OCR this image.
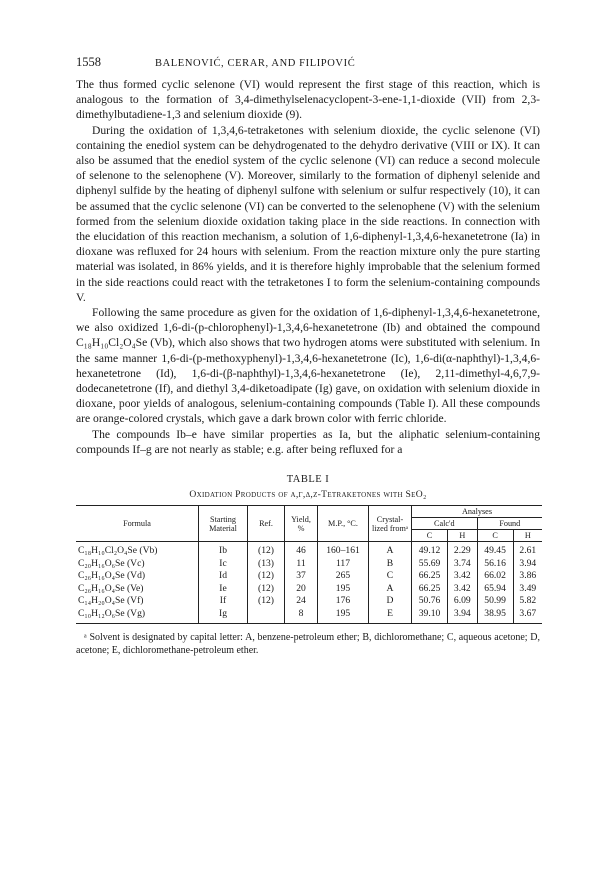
1558	BALENOVIĆ, CERAR, AND FILIPOVIĆ

The thus formed cyclic selenone (VI) would represent the first stage of this reaction, which is analogous to the formation of 3,4-dimethylselenacyclopent-3-ene-1,1-dioxide (VII) from 2,3-dimethylbutadiene-1,3 and selenium dioxide (9).

During the oxidation of 1,3,4,6-tetraketones with selenium dioxide, the cyclic selenone (VI) containing the enediol system can be dehydrogenated to the dehydro derivative (VIII or IX). It can also be assumed that the enediol system of the cyclic selenone (VI) can reduce a second molecule of selenone to the selenophene (V). Moreover, similarly to the formation of diphenyl selenide and diphenyl sulfide by the heating of diphenyl sulfone with selenium or sulfur respectively (10), it can be assumed that the cyclic selenone (VI) can be converted to the selenophene (V) with the selenium formed from the selenium dioxide oxidation taking place in the side reactions. In connection with the elucidation of this reaction mechanism, a solution of 1,6-diphenyl-1,3,4,6-hexanetetrone (Ia) in dioxane was refluxed for 24 hours with selenium. From the reaction mixture only the pure starting material was isolated, in 86% yields, and it is therefore highly improbable that the selenium formed in the side reactions could react with the tetraketones I to form the selenium-containing compounds V.

Following the same procedure as given for the oxidation of 1,6-diphenyl-1,3,4,6-hexanetetrone, we also oxidized 1,6-di-(p-chlorophenyl)-1,3,4,6-hexanetetrone (Ib) and obtained the compound C₁₈H₁₀Cl₂O₄Se (Vb), which also shows that two hydrogen atoms were substituted with selenium. In the same manner 1,6-di-(p-methoxyphenyl)-1,3,4,6-hexanetetrone (Ic), 1,6-di(α-naphthyl)-1,3,4,6-hexanetetrone (Id), 1,6-di-(β-naphthyl)-1,3,4,6-hexanetetrone (Ie), 2,11-dimethyl-4,6,7,9-dodecanetetrone (If), and diethyl 3,4-diketoadipate (Ig) gave, on oxidation with selenium dioxide in dioxane, poor yields of analogous, selenium-containing compounds (Table I). All these compounds are orange-colored crystals, which gave a dark brown color with ferric chloride.

The compounds Ib–e have similar properties as Ia, but the aliphatic selenium-containing compounds If–g are not nearly as stable; e.g. after being refluxed for a

TABLE I
Oxidation Products of α,γ,δ,ζ-Tetraketones with SeO₂
Formula	Starting Material	Ref.	Yield, %	M.P., °C.	Crystal-lized fromᵃ	Analyses			
						Calc'd		Found	
						C	H	C	H
C₁₈H₁₀Cl₂O₄Se (Vb)	Ib	(12)	46	160–161	A	49.12	2.29	49.45	2.61
C₂₀H₁₆O₆Se (Vc)	Ic	(13)	11	117	B	55.69	3.74	56.16	3.94
C₂₆H₁₆O₄Se (Vd)	Id	(12)	37	265	C	66.25	3.42	66.02	3.86
C₂₆H₁₆O₄Se (Ve)	Ie	(12)	20	195	A	66.25	3.42	65.94	3.49
C₁₄H₂₀O₄Se (Vf)	If	(12)	24	176	D	50.76	6.09	50.99	5.82
C₁₀H₁₂O₆Se (Vg)	Ig		8	195	E	39.10	3.94	38.95	3.67
ᵃ Solvent is designated by capital letter: A, benzene-petroleum ether; B, dichloromethane; C, aqueous acetone; D, acetone; E, dichloromethane-petroleum ether.
